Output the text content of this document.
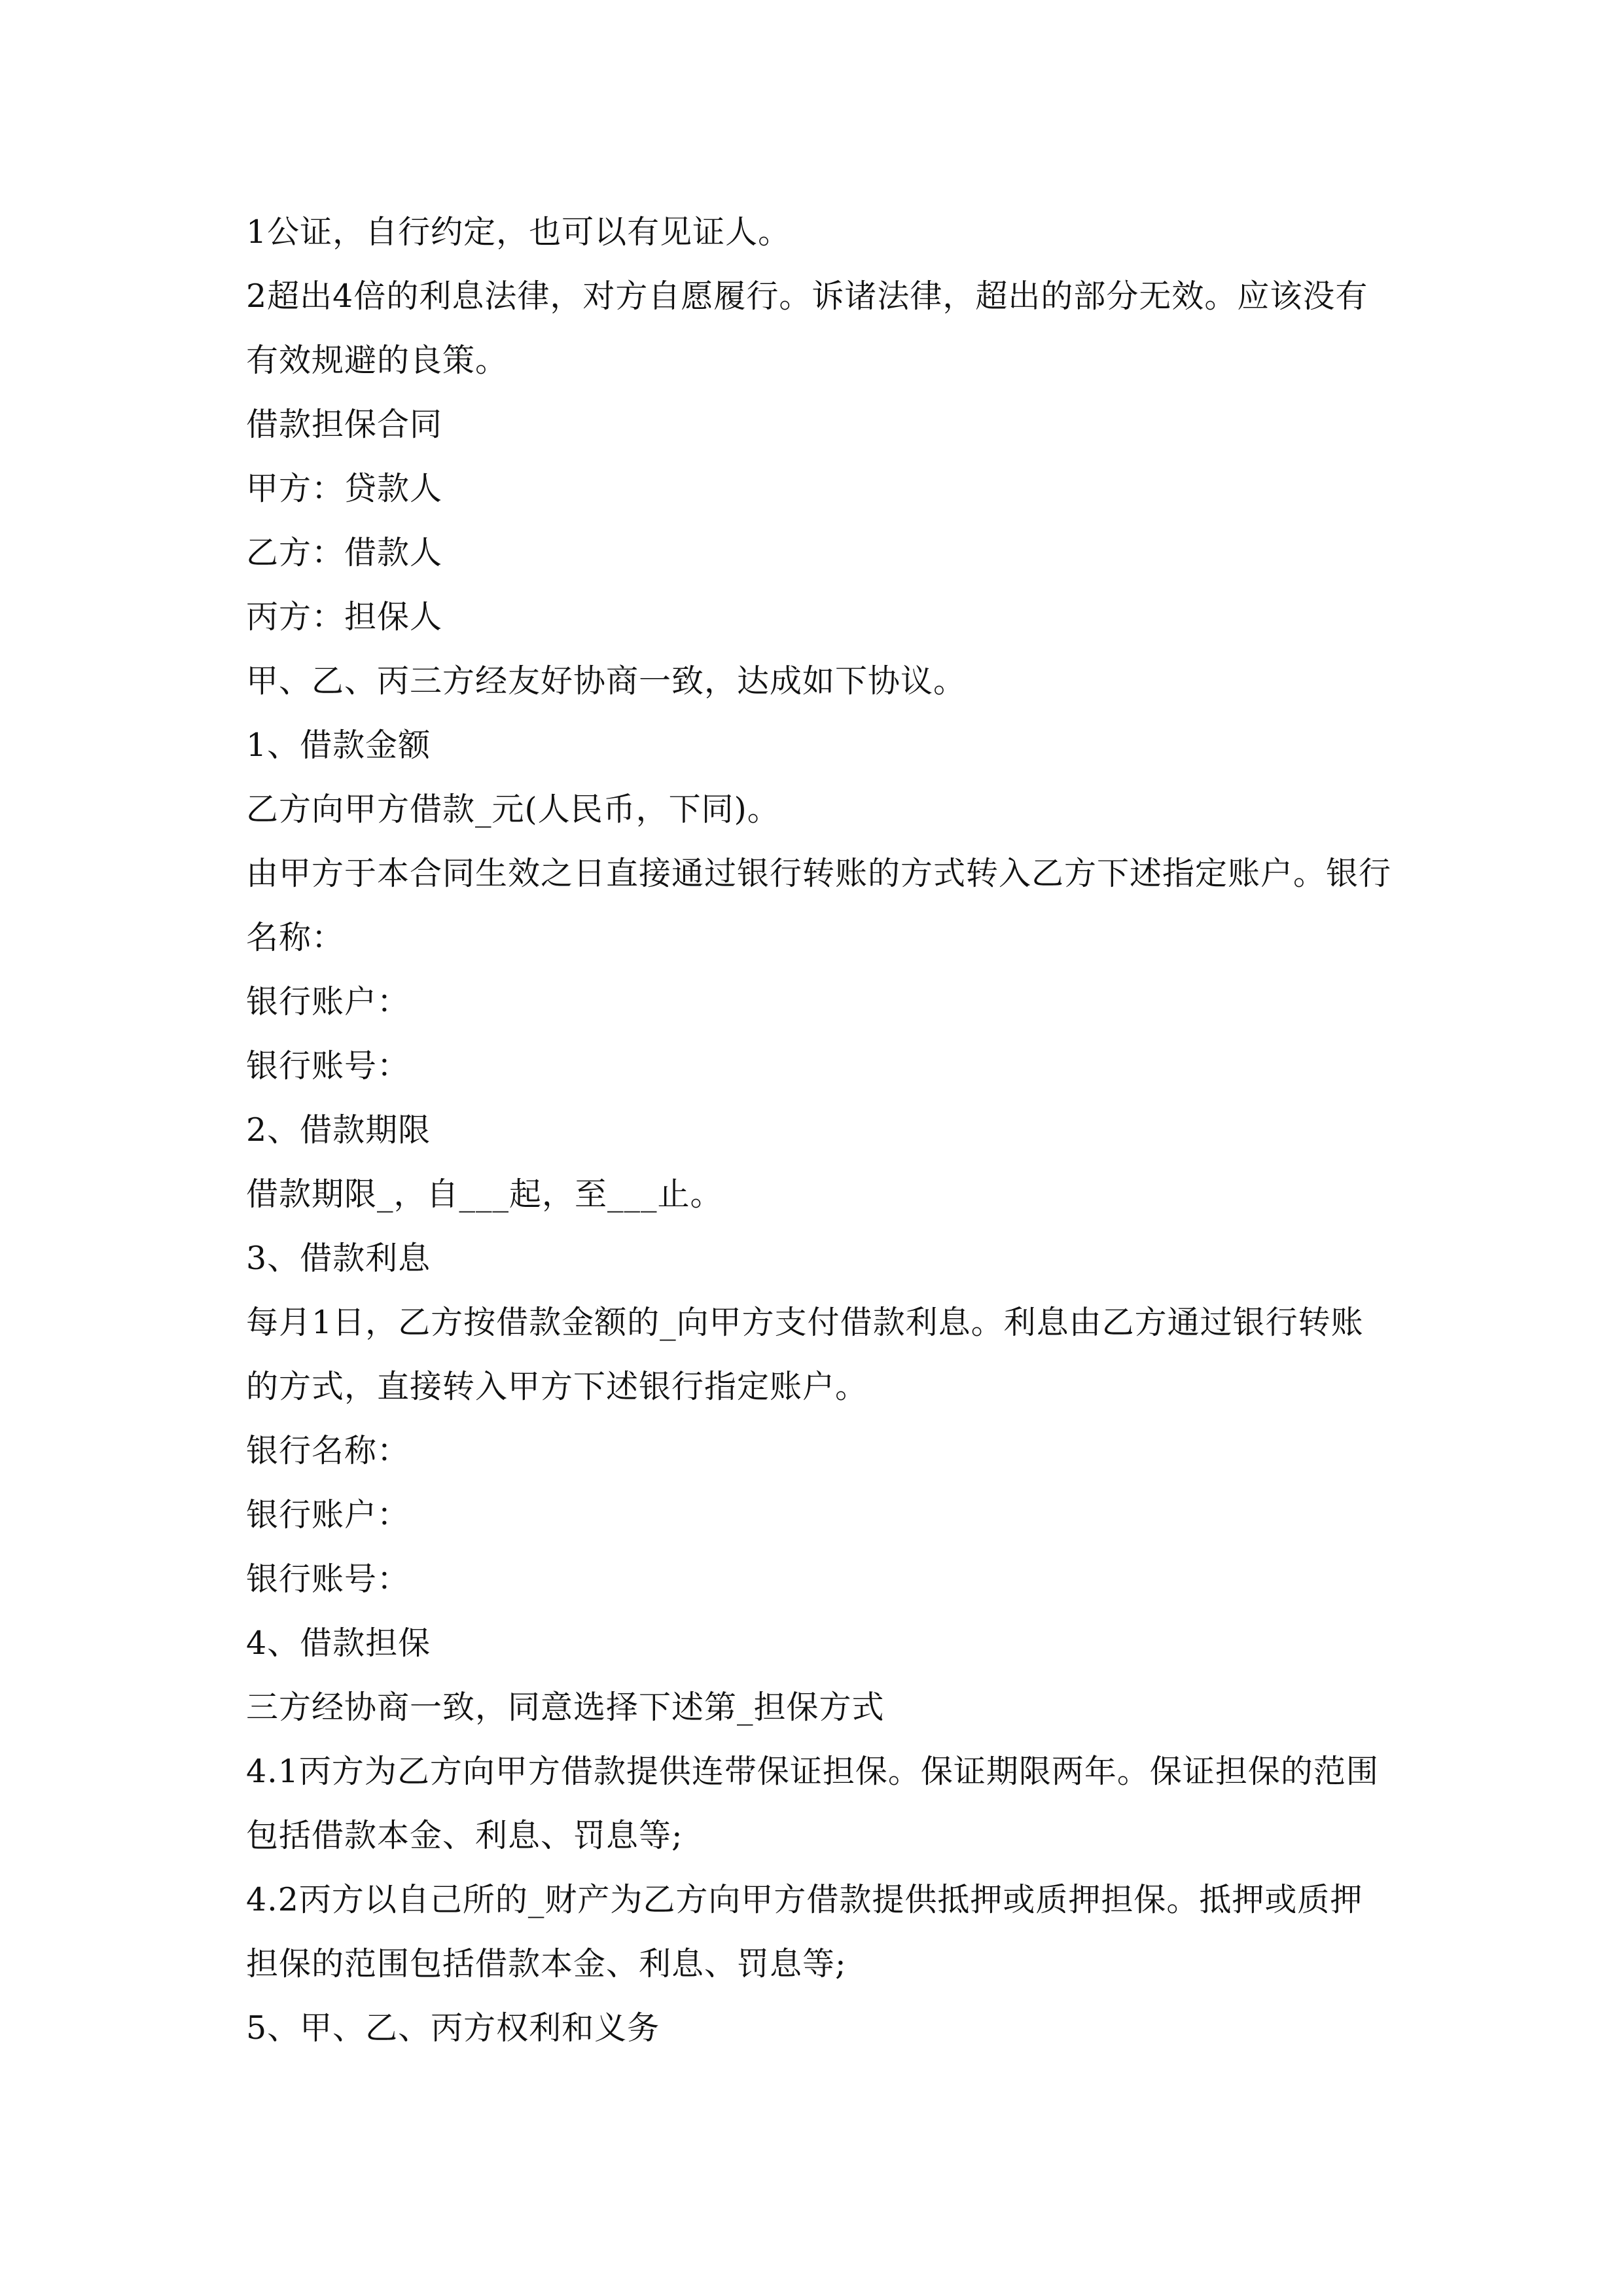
1公证，自行约定，也可以有见证人。
2超出4倍的利息法律，对方自愿履行。诉诸法律，超出的部分无效。应该没有
有效规避的良策。
借款担保合同
甲方：贷款人
乙方：借款人
丙方：担保人
甲、乙、丙三方经友好协商一致，达成如下协议。
1、借款金额
乙方向甲方借款_元(人民币，下同)。
由甲方于本合同生效之日直接通过银行转账的方式转入乙方下述指定账户。银行
名称：
银行账户：
银行账号：
2、借款期限
借款期限_，自___起，至___止。
3、借款利息
每月1日，乙方按借款金额的_向甲方支付借款利息。利息由乙方通过银行转账
的方式，直接转入甲方下述银行指定账户。
银行名称：
银行账户：
银行账号：
4、借款担保
三方经协商一致，同意选择下述第_担保方式
4.1丙方为乙方向甲方借款提供连带保证担保。保证期限两年。保证担保的范围
包括借款本金、利息、罚息等;
4.2丙方以自己所的_财产为乙方向甲方借款提供抵押或质押担保。抵押或质押
担保的范围包括借款本金、利息、罚息等;
5、甲、乙、丙方权利和义务
